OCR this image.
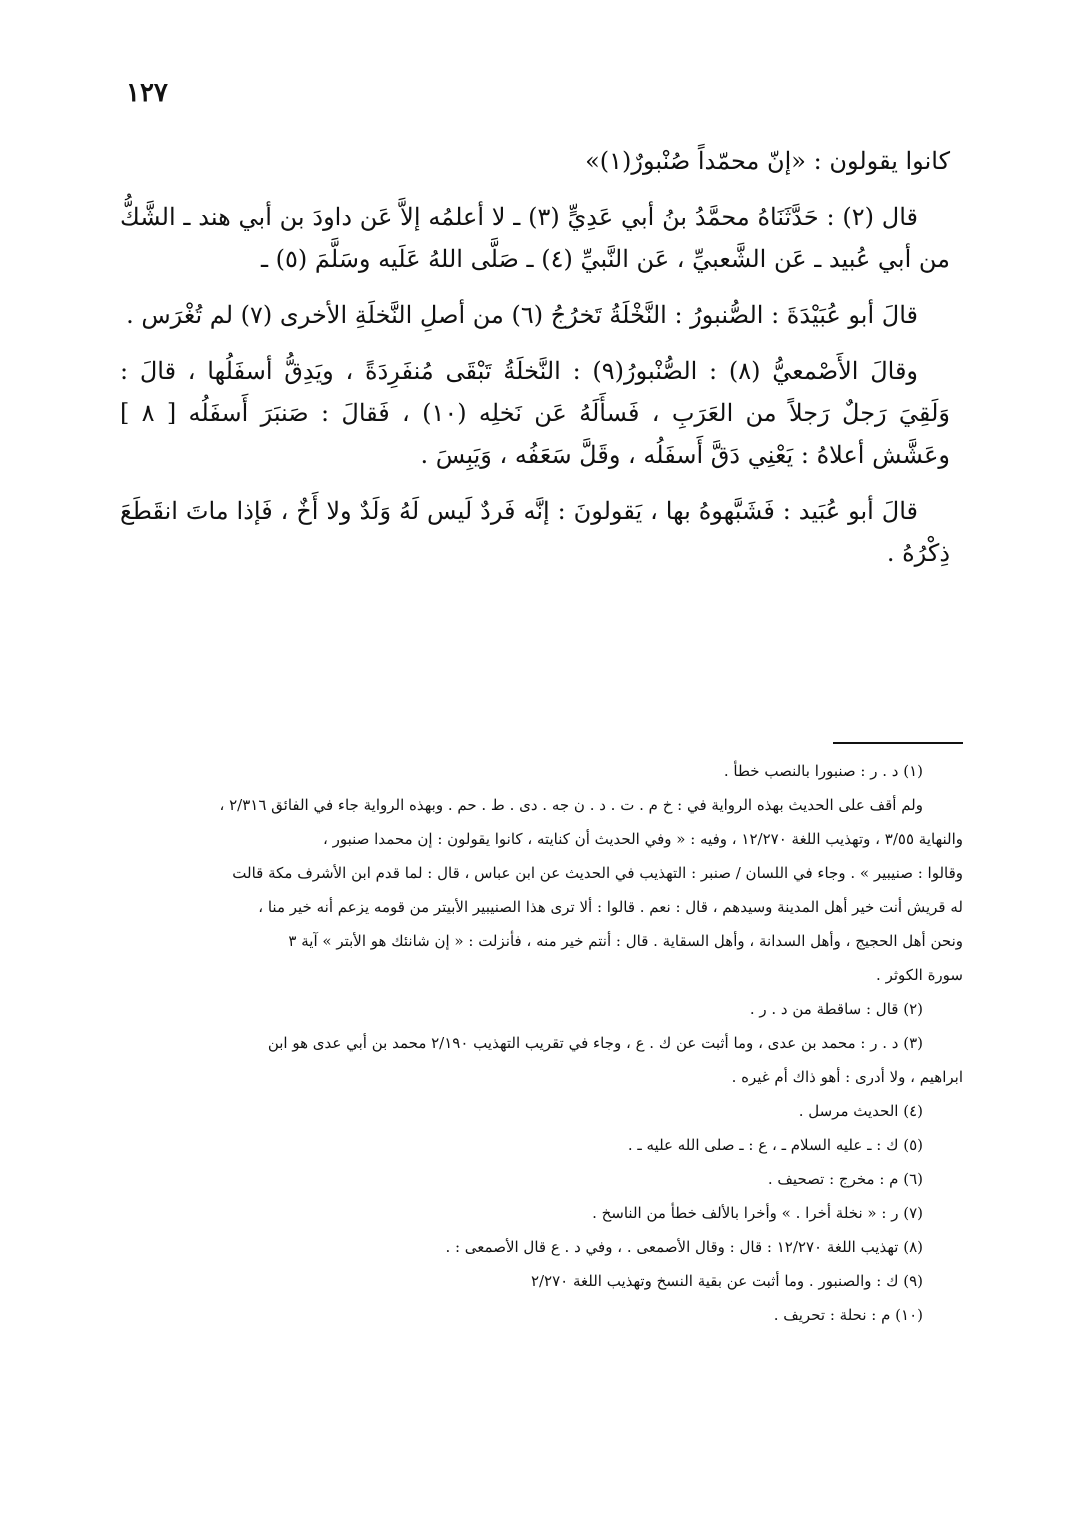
١٢٧

كانوا يقولون : «إنّ محمّداً صُنْبورٌ(١)»

قال (٢) : حَدَّثَنَاهُ محمَّدُ بنُ أبي عَدِيٍّ (٣) ـ لا أعلمُه إلاَّ عَن داودَ بن أبي هند ـ الشَّكُّ من أبي عُبيد ـ عَن الشَّعبيِّ ، عَن النَّبيِّ (٤) ـ صَلَّى اللهُ عَلَيه وسَلَّمَ (٥) ـ

قالَ أبو عُبَيْدَةَ : الصُّنبورُ : النَّخْلَةُ تَخرُجُ (٦) من أصلِ النَّخلَةِ الأخرى (٧) لم تُغْرَس .

وقالَ الأَصْمعيُّ (٨) : الصُّنْبورُ(٩) : النَّخلَةُ تَبْقَى مُنفَرِدَةً ، ويَدِقُّ أسفَلُها ، قالَ : وَلَقِيَ رَجلٌ رَجلاً من العَرَبِ ، فَسأَلَهُ عَن نَخلِه (١٠) ، فَقالَ : صَنبَرَ أَسفَلُه [ ٨ ] وعَشَّش أعلاهُ : يَعْنِي دَقَّ أَسفَلُه ، وقَلَّ سَعَفُه ، وَيَبِسَ .

قالَ أبو عُبَيد : فَشَبَّهوهُ بها ، يَقولونَ : إنَّه فَردٌ لَيس لَهُ وَلَدٌ ولا أَخٌ ، فَإذا ماتَ انقَطَعَ ذِكْرُهُ .

(١) د . ر : صنبورا بالنصب خطأ .
ولم أقف على الحديث بهذه الرواية في : خ م . ت . د . ن جه . دى . ط . حم . وبهذه الرواية جاء في الفائق ٢/٣١٦ ،
والنهاية ٣/٥٥ ، وتهذيب اللغة ١٢/٢٧٠ ، وفيه : « وفي الحديث أن كنايته ، كانوا يقولون : إن محمدا صنبور ،
وقالوا : صنيبير » . وجاء في اللسان / صنبر : التهذيب في الحديث عن ابن عباس ، قال : لما قدم ابن الأشرف مكة قالت
له قريش أنت خير أهل المدينة وسيدهم ، قال : نعم . قالوا : ألا ترى هذا الصنيبير الأبيتر من قومه يزعم أنه خير منا ،
ونحن أهل الحجيج ، وأهل السدانة ، وأهل السقاية . قال : أنتم خير منه ، فأنزلت : « إن شانئك هو الأبتر » آية ٣
سورة الكوثر .

(٢) قال : ساقطة من د . ر .

(٣) د . ر : محمد بن عدى ، وما أثبت عن ك . ع ، وجاء في تقريب التهذيب ٢/١٩٠ محمد بن أبي عدى هو ابن
ابراهيم ، ولا أدرى : أهو ذاك أم غيره .

(٤) الحديث مرسل .

(٥) ك : ـ عليه السلام ـ ، ع : ـ صلى الله عليه ـ .

(٦) م : مخرج : تصحيف .

(٧) ر : « نخلة أخرا . » وأخرا بالألف خطأ من الناسخ .

(٨) تهذيب اللغة ١٢/٢٧٠ : قال : وقال الأصمعى . ، وفي د . ع قال الأصمعى : .

(٩) ك : والصنبور . وما أثبت عن بقية النسخ وتهذيب اللغة ٢/٢٧٠

(١٠) م : نحلة : تحريف .
